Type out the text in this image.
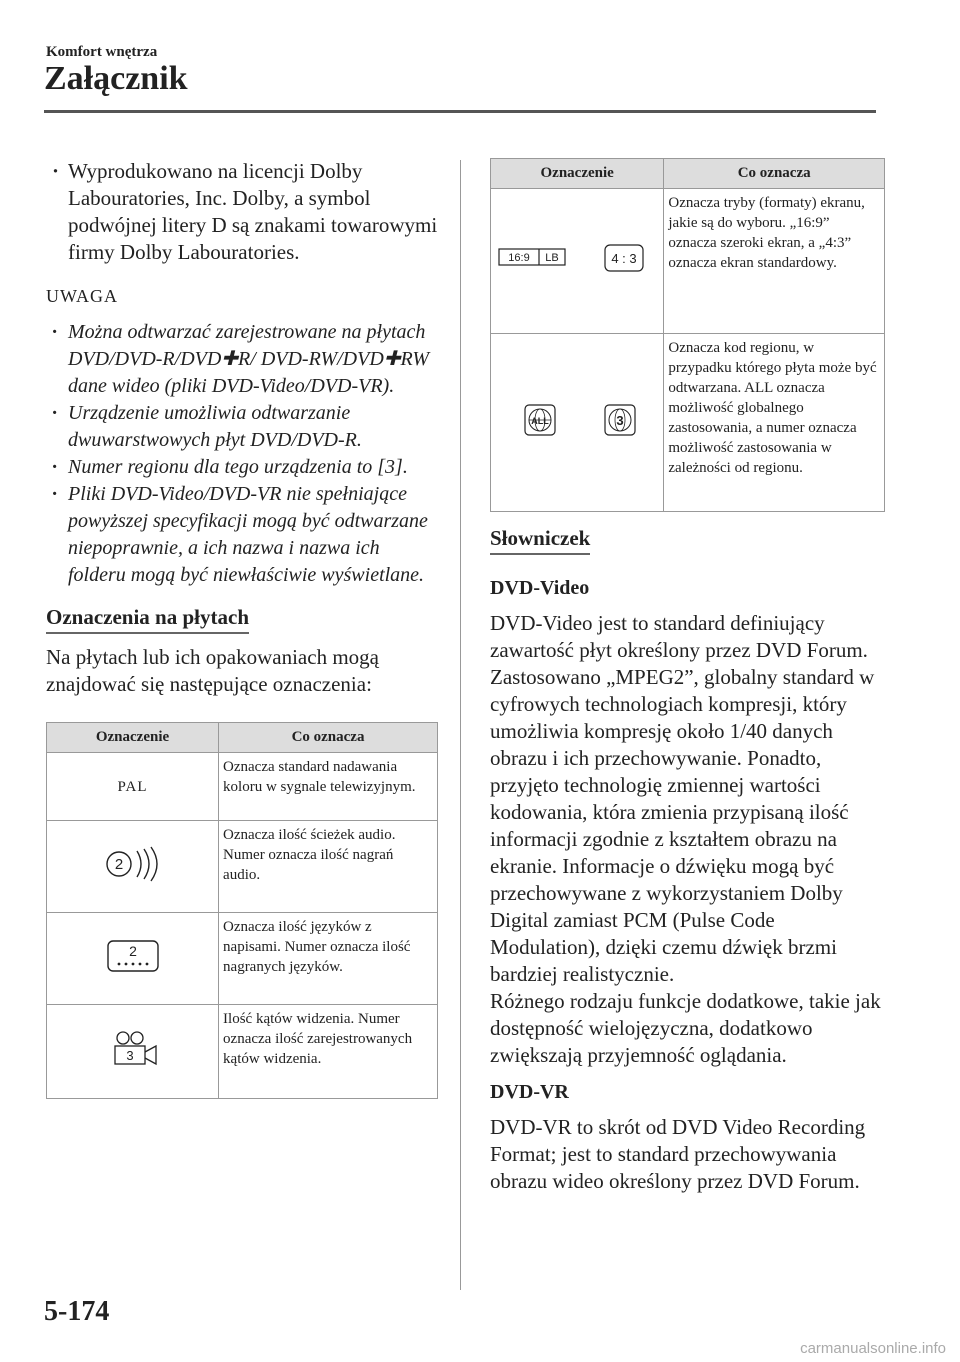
Komfort wnętrza
Załącznik
· Wyprodukowano na licencji Dolby Labouratories, Inc. Dolby, a symbol podwójnej litery D są znakami towarowymi firmy Dolby Labouratories.
UWAGA
· Można odtwarzać zarejestrowane na płytach DVD/DVD-R/DVD✚R/ DVD-RW/DVD✚RW dane wideo (pliki DVD-Video/DVD-VR).
· Urządzenie umożliwia odtwarzanie dwuwarstwowych płyt DVD/DVD-R.
· Numer regionu dla tego urządzenia to [3].
· Pliki DVD-Video/DVD-VR nie spełniające powyższej specyfikacji mogą być odtwarzane niepoprawnie, a ich nazwa i nazwa ich folderu mogą być niewłaściwie wyświetlane.
Oznaczenia na płytach

Na płytach lub ich opakowaniach mogą znajdować się następujące oznaczenia:

Oznaczenie	Co oznacza
PAL	Oznacza standard nadawania koloru w sygnale telewizyjnym.

2	Oznacza ilość ścieżek audio. Numer oznacza ilość nagrań audio.

2	Oznacza ilość języków z napisami. Numer oznacza ilość nagranych języków.

3	Ilość kątów widzenia. Numer oznacza ilość zarejestrowanych kątów widzenia.
Oznaczenie	Co oznacza

16:9 LB 4 : 3	Oznacza tryby (formaty) ekranu, jakie są do wyboru. „16:9” oznacza szeroki ekran, a „4:3” oznacza ekran standardowy.

ALL 3	Oznacza kod regionu, w przypadku którego płyta może być odtwarzana. ALL oznacza możliwość globalnego zastosowania, a numer oznacza możliwość zastosowania w zależności od regionu.
Słowniczek
DVD-Video

DVD-Video jest to standard definiujący zawartość płyt określony przez DVD Forum.

Zastosowano „MPEG2”, globalny standard w cyfrowych technologiach kompresji, który umożliwia kompresję około 1/40 danych obrazu i ich przechowywanie. Ponadto, przyjęto technologię zmiennej wartości kodowania, która zmienia przypisaną ilość informacji zgodnie z kształtem obrazu na ekranie. Informacje o dźwięku mogą być przechowywane z wykorzystaniem Dolby Digital zamiast PCM (Pulse Code Modulation), dzięki czemu dźwięk brzmi bardziej realistycznie.

Różnego rodzaju funkcje dodatkowe, takie jak dostępność wielojęzyczna, dodatkowo zwiększają przyjemność oglądania.

DVD-VR

DVD-VR to skrót od DVD Video Recording Format; jest to standard przechowywania obrazu wideo określony przez DVD Forum.

5-174
carmanualsonline.info
